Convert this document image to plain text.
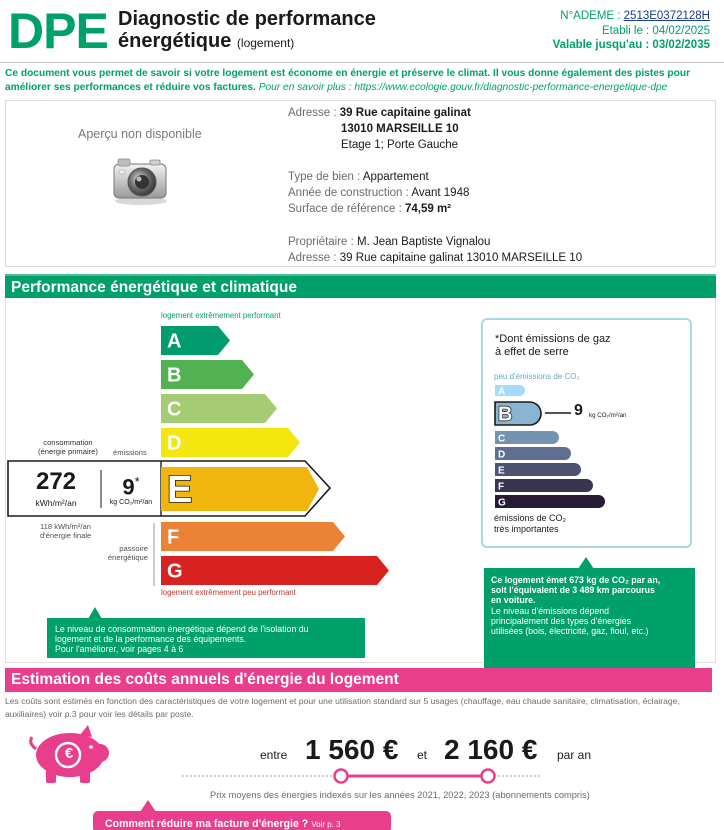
DPE Diagnostic de performance
énergétique (logement)
N°ADEME : 2513E0372128H
Etabli le : 04/02/2025
Valable jusqu'au : 03/02/2035
Ce document vous permet de savoir si votre logement est économe en énergie et préserve le climat. Il vous donne également des pistes pour améliorer ses performances et réduire vos factures. Pour en savoir plus : https://www.ecologie.gouv.fr/diagnostic-performance-energetique-dpe
Aperçu non disponible
Adresse : 39 Rue capitaine galinat
13010 MARSEILLE 10
Etage 1; Porte Gauche
Type de bien : Appartement
Année de construction : Avant 1948
Surface de référence : 74,59 m²
Propriétaire : M. Jean Baptiste Vignalou
Adresse : 39 Rue capitaine galinat 13010 MARSEILLE 10
Performance énergétique et climatique
logement extrêmement performant
A
B
C
D
E
F
G
consommation
(énergie primaire) émissions
272
kWh/m²/an
9*
kg CO₂/m²/an
118 kWh/m²/an
d'énergie finale
passoire
énergétique
logement extrêmement peu performant
Le niveau de consommation énergétique dépend de l'isolation du
logement et de la performance des équipements.
Pour l'améliorer, voir pages 4 à 6
*Dont émissions de gaz
à effet de serre
peu d'émissions de CO₂
A
B
C
D
E
F
G
9 kg CO₂/m²/an
émissions de CO₂
très importantes
Ce logement émet 673 kg de CO₂ par an,
soit l'équivalent de 3 489 km parcourus
en voiture.
Le niveau d'émissions dépend
principalement des types d'énergies
utilisées (bois, électricité, gaz, fioul, etc.)
Estimation des coûts annuels d'énergie du logement
Les coûts sont estimés en fonction des caractéristiques de votre logement et pour une utilisation standard sur 5 usages (chauffage, eau chaude sanitaire, climatisation, éclairage, auxiliaires) voir p.3 pour voir les détails par poste.
€	entre 1 560 € et 2 160 € par an
Prix moyens des énergies indexés sur les années 2021, 2022, 2023 (abonnements compris)
Comment réduire ma facture d'énergie ? Voir p. 3
